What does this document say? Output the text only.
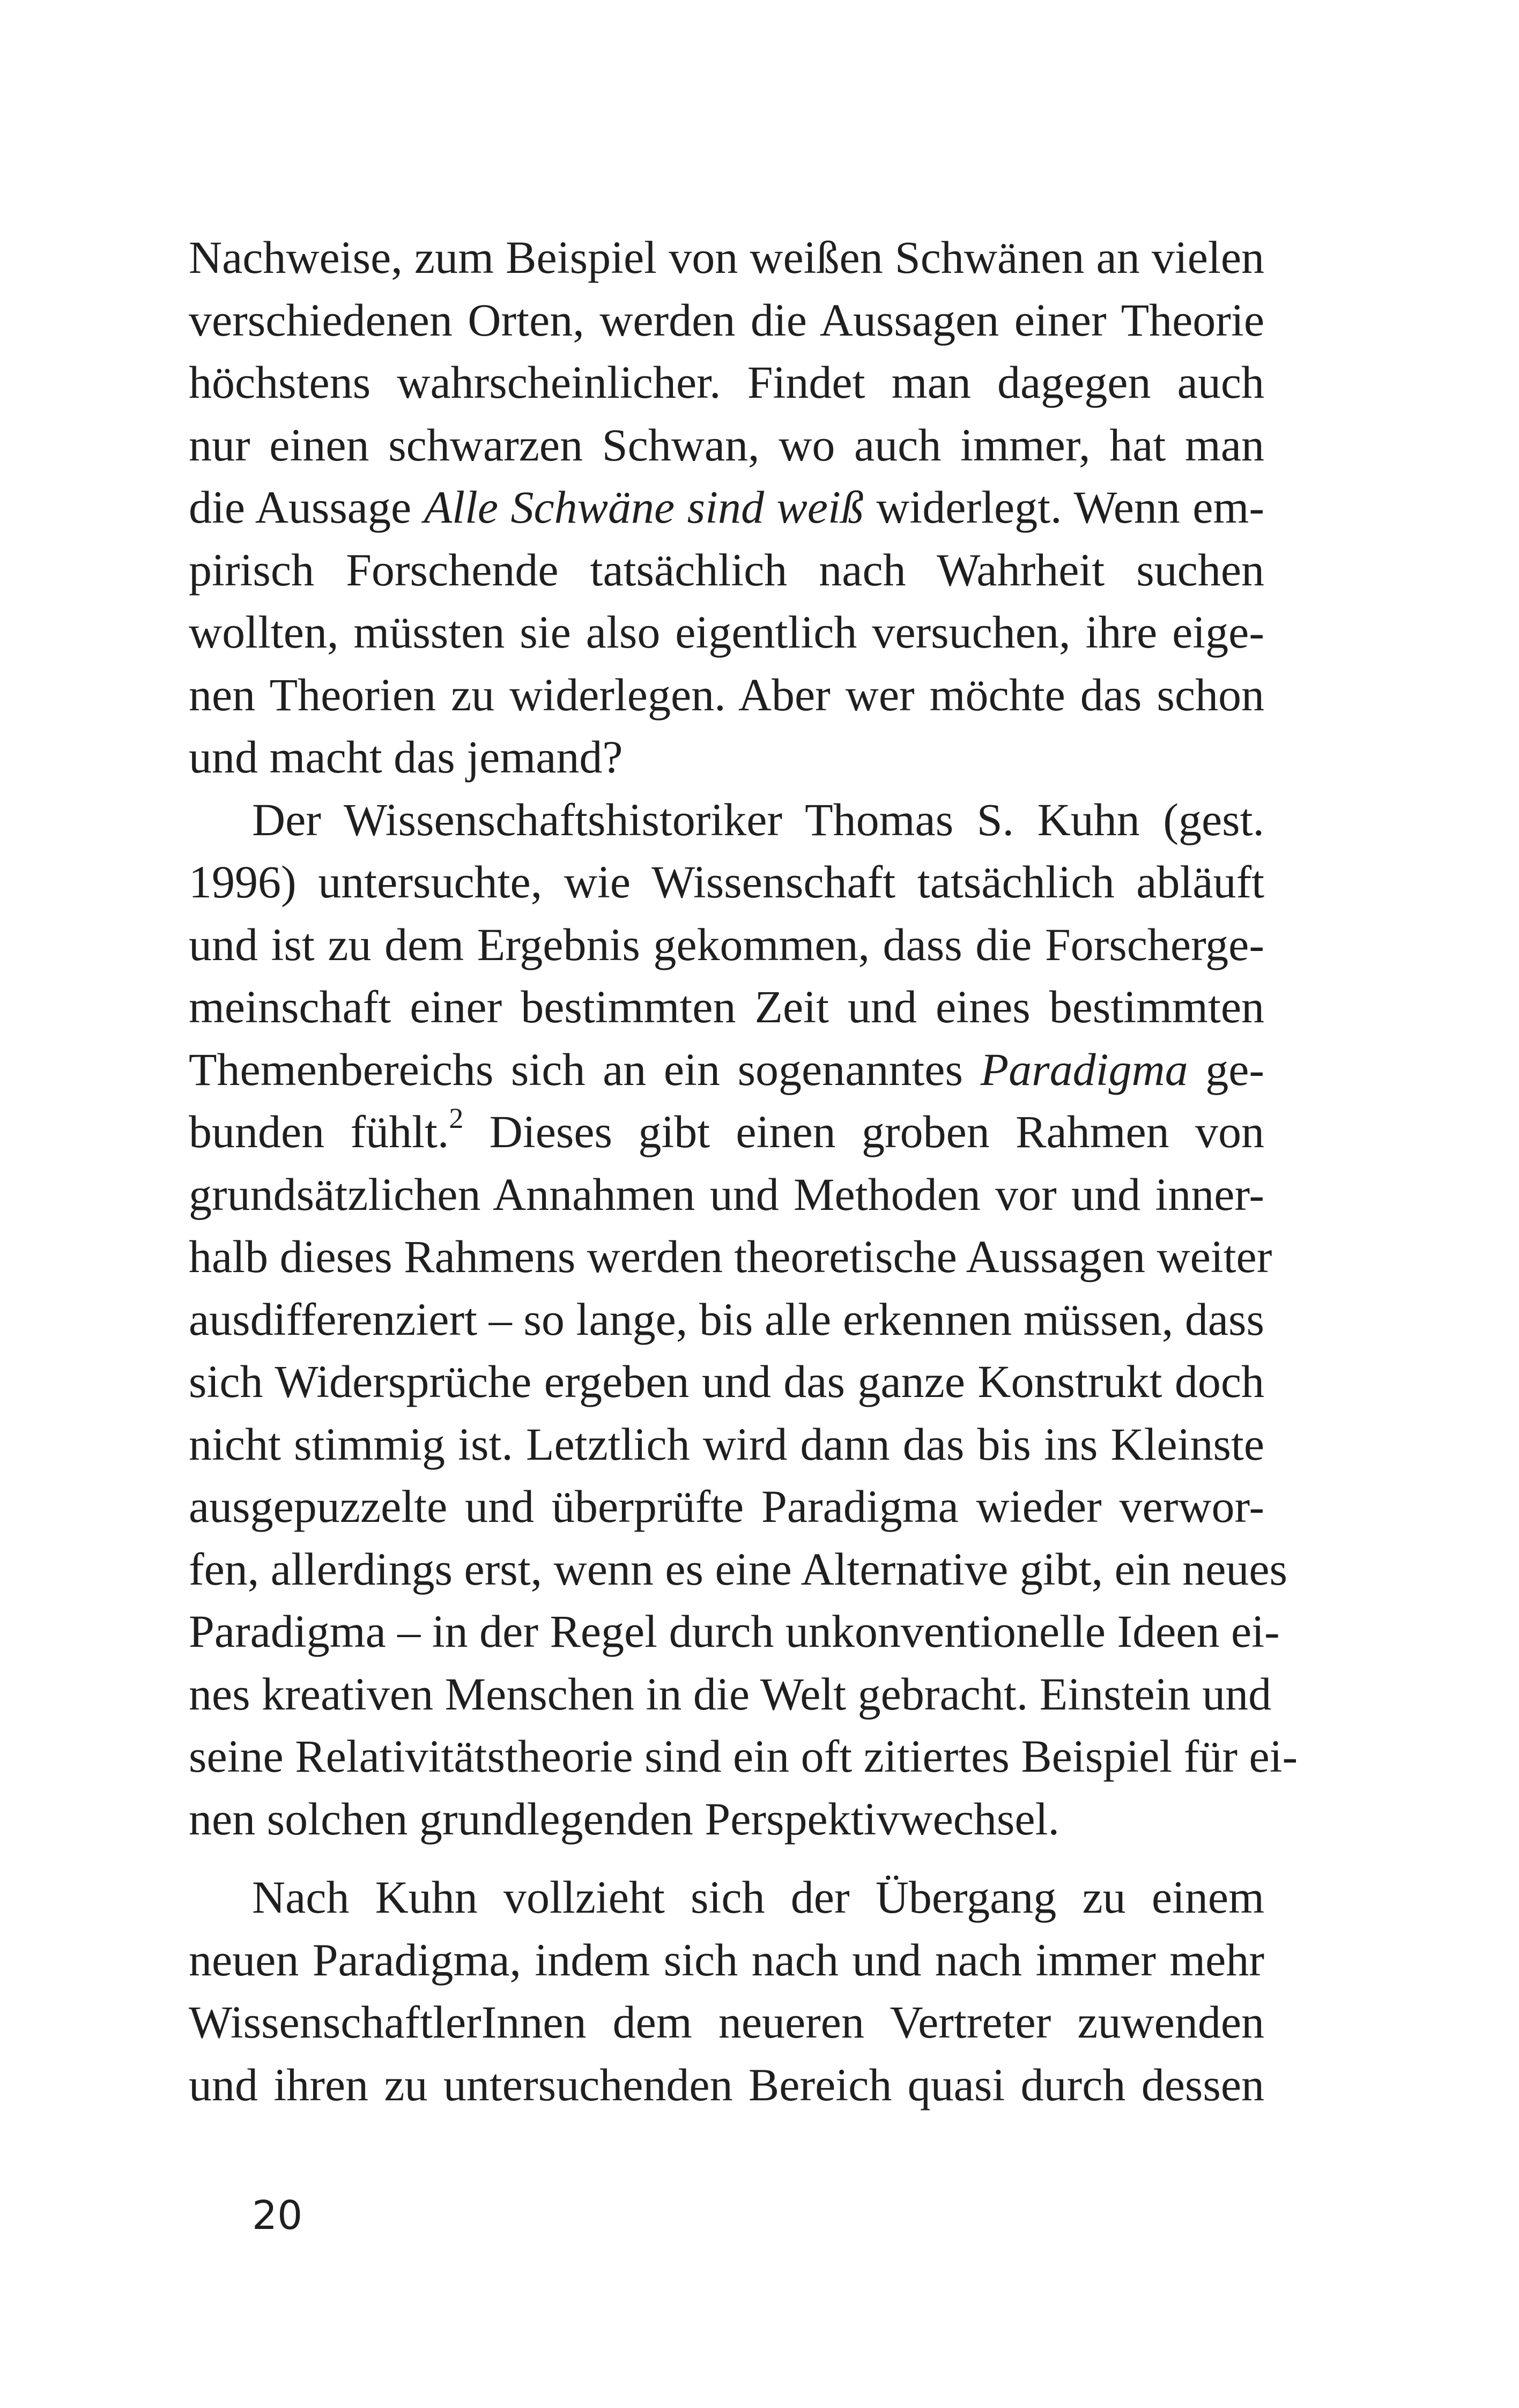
Nachweise, zum Beispiel von weißen Schwänen an vielen
verschiedenen Orten, werden die Aussagen einer Theorie
höchstens wahrscheinlicher. Findet man dagegen auch
nur einen schwarzen Schwan, wo auch immer, hat man
die Aussage Alle Schwäne sind weiß widerlegt. Wenn em-
pirisch Forschende tatsächlich nach Wahrheit suchen
wollten, müssten sie also eigentlich versuchen, ihre eige-
nen Theorien zu widerlegen. Aber wer möchte das schon
und macht das jemand?
Der Wissenschaftshistoriker Thomas S. Kuhn (gest.
1996) untersuchte, wie Wissenschaft tatsächlich abläuft
und ist zu dem Ergebnis gekommen, dass die Forscherge-
meinschaft einer bestimmten Zeit und eines bestimmten
Themenbereichs sich an ein sogenanntes Paradigma ge-
bunden fühlt.$^2$ Dieses gibt einen groben Rahmen von
grundsätzlichen Annahmen und Methoden vor und inner-
halb dieses Rahmens werden theoretische Aussagen weiter
ausdifferenziert – so lange, bis alle erkennen müssen, dass
sich Widersprüche ergeben und das ganze Konstrukt doch
nicht stimmig ist. Letztlich wird dann das bis ins Kleinste
ausgepuzzelte und überprüfte Paradigma wieder verwor-
fen, allerdings erst, wenn es eine Alternative gibt, ein neues
Paradigma – in der Regel durch unkonventionelle Ideen ei-
nes kreativen Menschen in die Welt gebracht. Einstein und
seine Relativitätstheorie sind ein oft zitiertes Beispiel für ei-
nen solchen grundlegenden Perspektivwechsel.
Nach Kuhn vollzieht sich der Übergang zu einem
neuen Paradigma, indem sich nach und nach immer mehr
WissenschaftlerInnen dem neueren Vertreter zuwenden
und ihren zu untersuchenden Bereich quasi durch dessen
20
